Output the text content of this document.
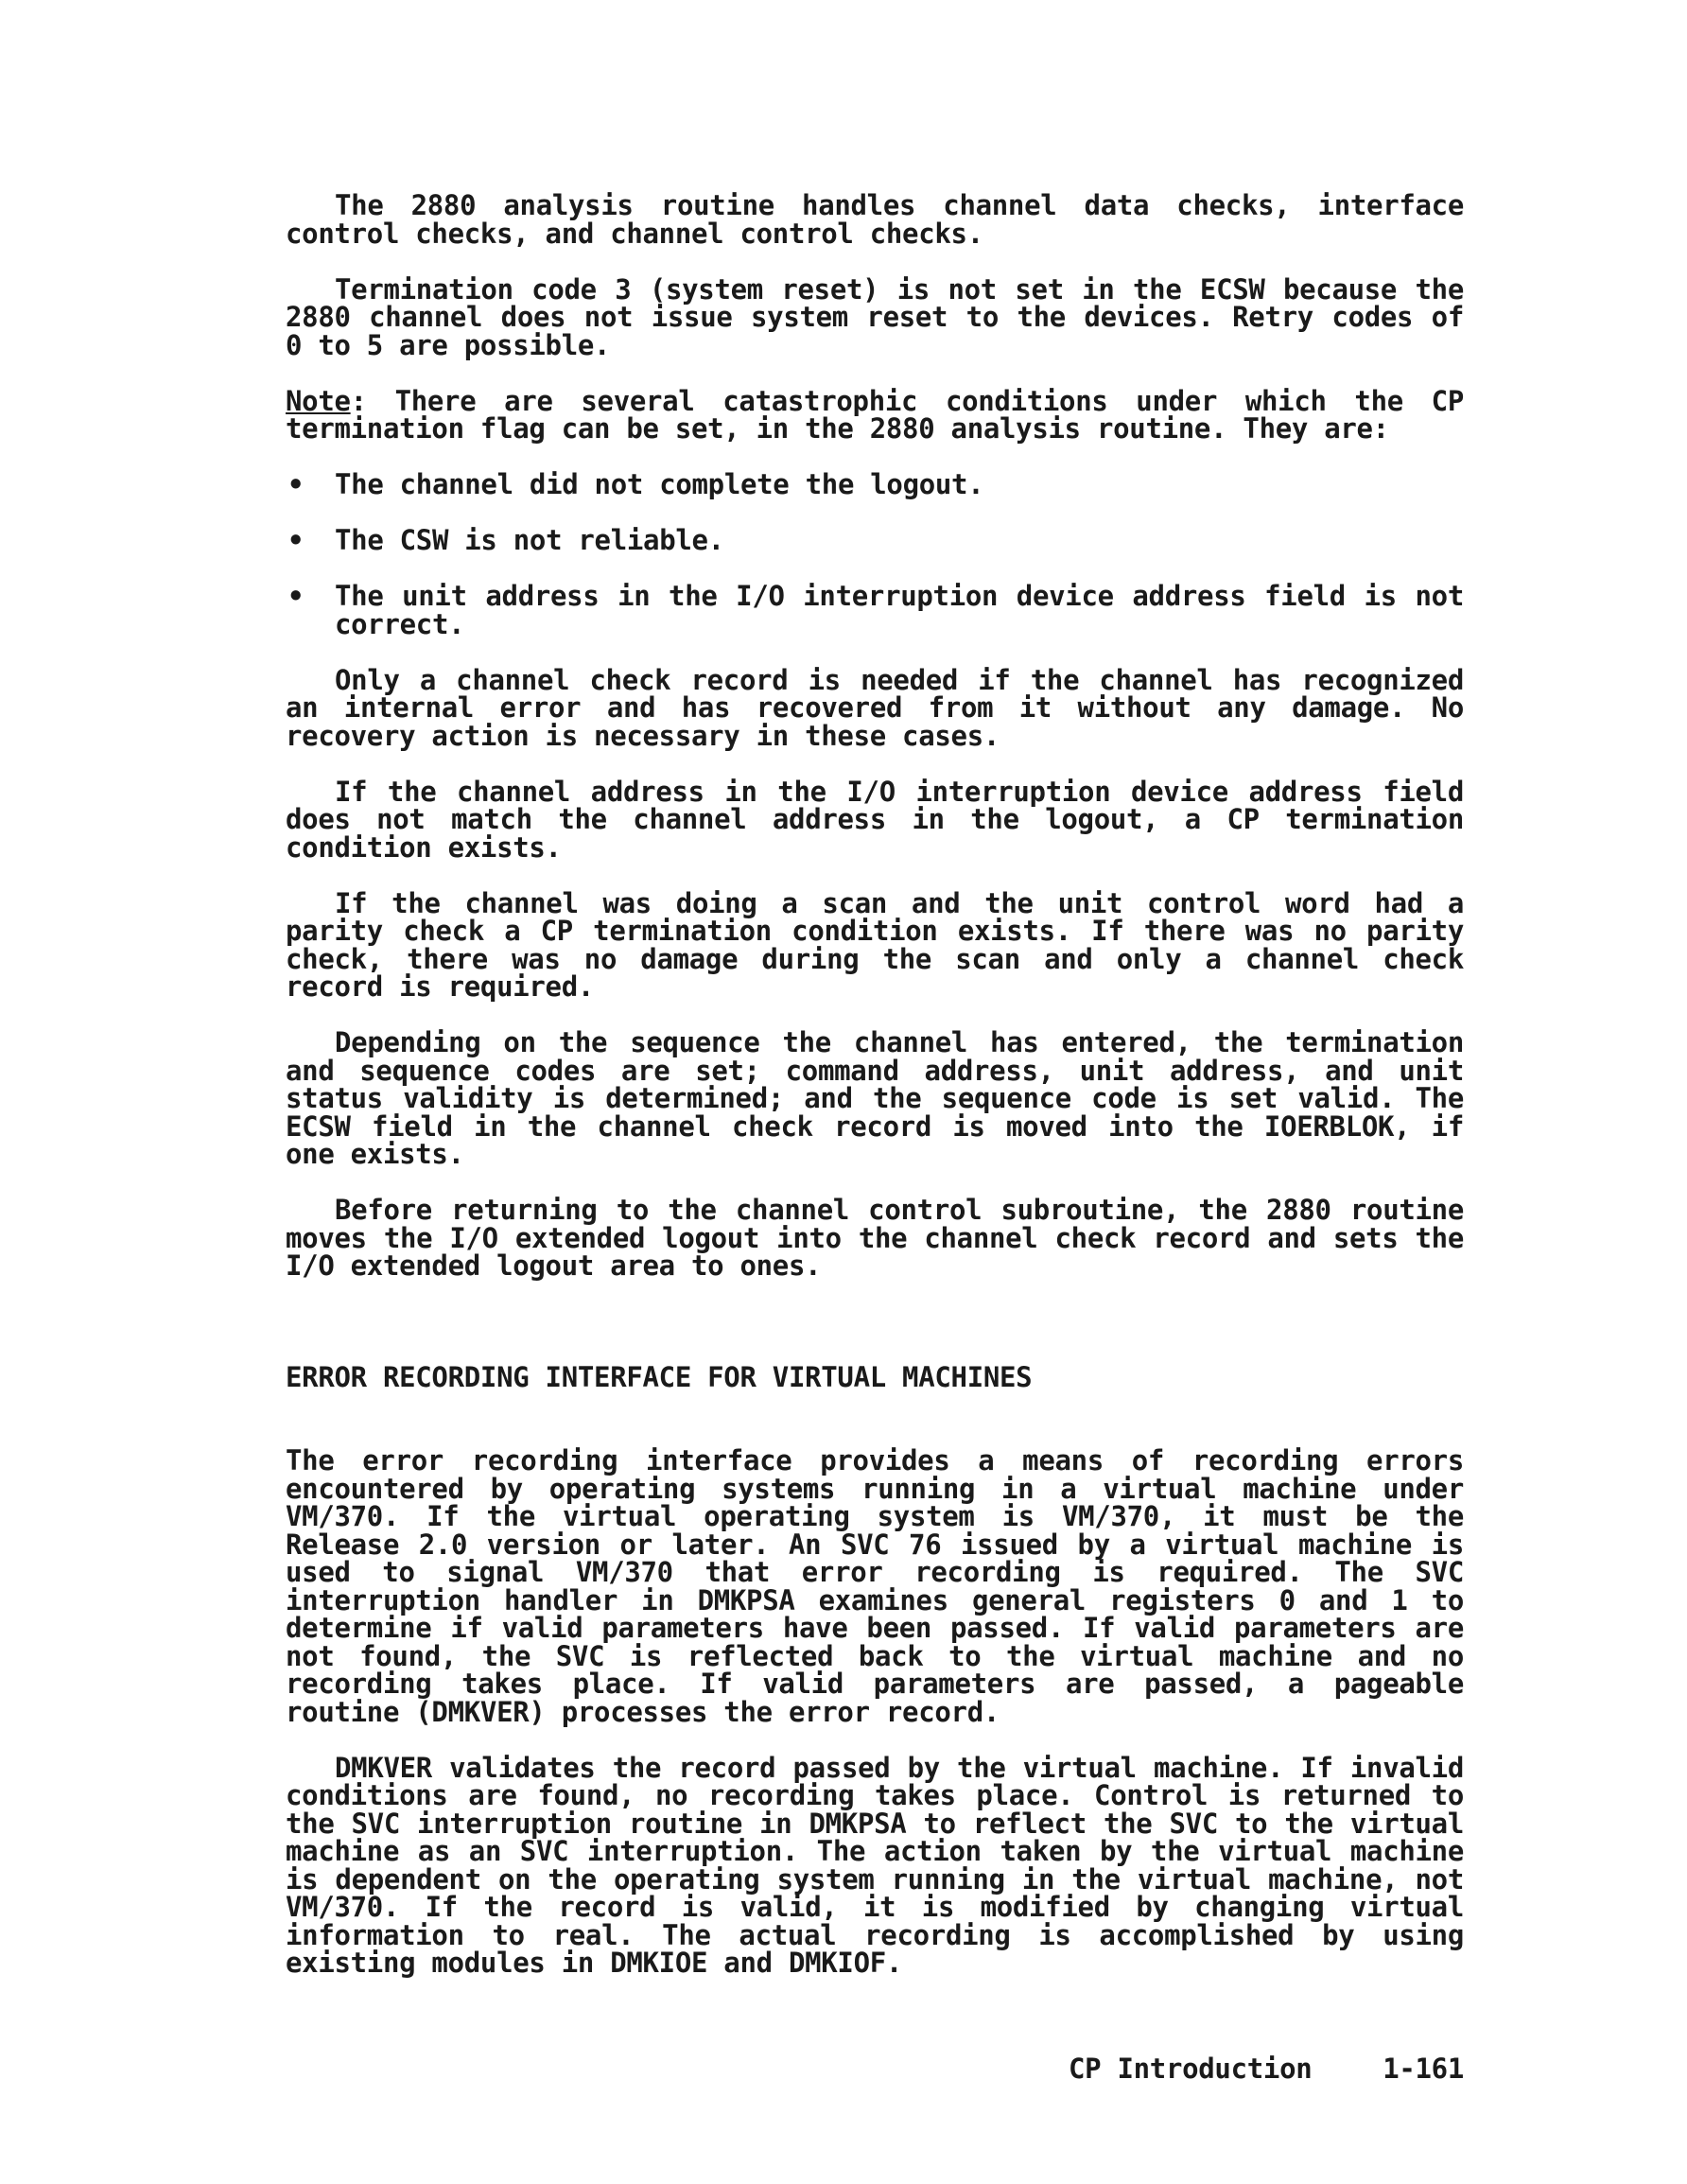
The 2880 analysis routine handles channel data checks, interface control checks, and channel control checks.

Termination code 3 (system reset) is not set in the ECSW because the 2880 channel does not issue system reset to the devices. Retry codes of 0 to 5 are possible.

Note: There are several catastrophic conditions under which the CP termination flag can be set, in the 2880 analysis routine. They are:

• The channel did not complete the logout.
• The CSW is not reliable.
• The unit address in the I/O interruption device address field is not correct.

Only a channel check record is needed if the channel has recognized an internal error and has recovered from it without any damage. No recovery action is necessary in these cases.

If the channel address in the I/O interruption device address field does not match the channel address in the logout, a CP termination condition exists.

If the channel was doing a scan and the unit control word had a parity check a CP termination condition exists. If there was no parity check, there was no damage during the scan and only a channel check record is required.

Depending on the sequence the channel has entered, the termination and sequence codes are set; command address, unit address, and unit status validity is determined; and the sequence code is set valid. The ECSW field in the channel check record is moved into the IOERBLOK, if one exists.

Before returning to the channel control subroutine, the 2880 routine moves the I/O extended logout into the channel check record and sets the I/O extended logout area to ones.

ERROR RECORDING INTERFACE FOR VIRTUAL MACHINES

The error recording interface provides a means of recording errors encountered by operating systems running in a virtual machine under VM/370. If the virtual operating system is VM/370, it must be the Release 2.0 version or later. An SVC 76 issued by a virtual machine is used to signal VM/370 that error recording is required. The SVC interruption handler in DMKPSA examines general registers 0 and 1 to determine if valid parameters have been passed. If valid parameters are not found, the SVC is reflected back to the virtual machine and no recording takes place. If valid parameters are passed, a pageable routine (DMKVER) processes the error record.

DMKVER validates the record passed by the virtual machine. If invalid conditions are found, no recording takes place. Control is returned to the SVC interruption routine in DMKPSA to reflect the SVC to the virtual machine as an SVC interruption. The action taken by the virtual machine is dependent on the operating system running in the virtual machine, not VM/370. If the record is valid, it is modified by changing virtual information to real. The actual recording is accomplished by using existing modules in DMKIOE and DMKIOF.

CP Introduction	1-161
